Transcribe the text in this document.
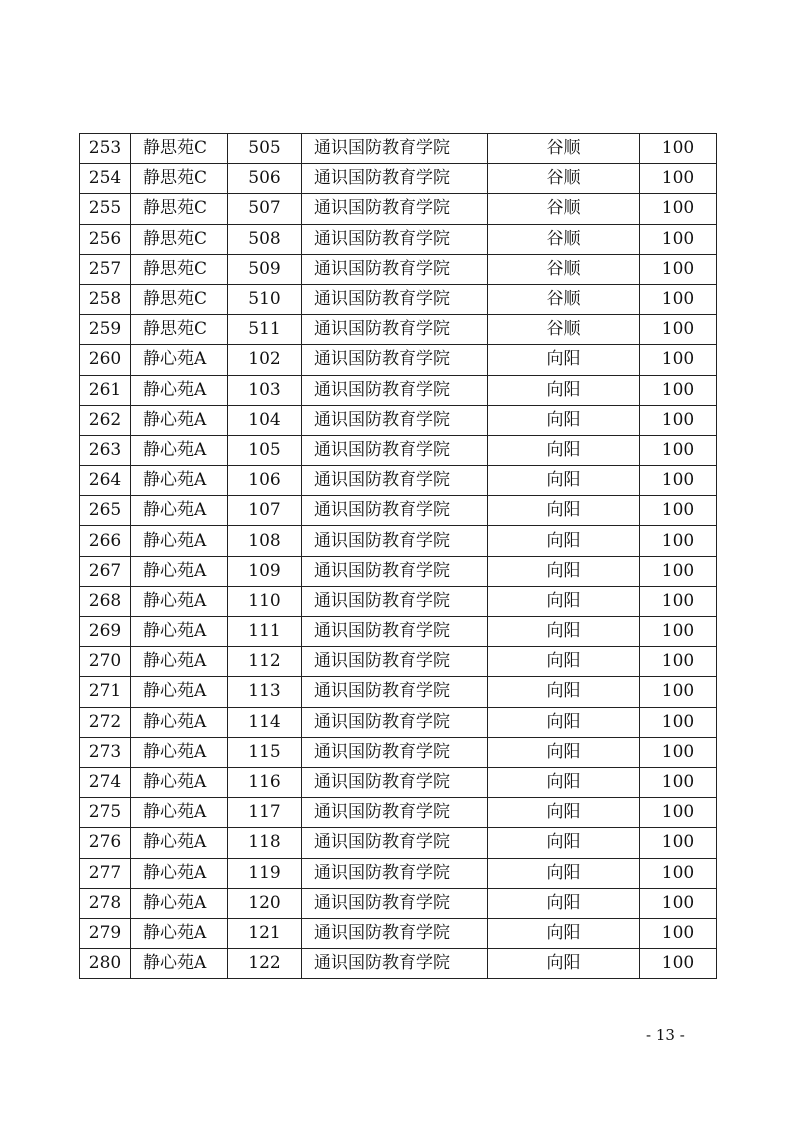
253	静思苑C	505	通识国防教育学院	谷顺	100
254	静思苑C	506	通识国防教育学院	谷顺	100
255	静思苑C	507	通识国防教育学院	谷顺	100
256	静思苑C	508	通识国防教育学院	谷顺	100
257	静思苑C	509	通识国防教育学院	谷顺	100
258	静思苑C	510	通识国防教育学院	谷顺	100
259	静思苑C	511	通识国防教育学院	谷顺	100
260	静心苑A	102	通识国防教育学院	向阳	100
261	静心苑A	103	通识国防教育学院	向阳	100
262	静心苑A	104	通识国防教育学院	向阳	100
263	静心苑A	105	通识国防教育学院	向阳	100
264	静心苑A	106	通识国防教育学院	向阳	100
265	静心苑A	107	通识国防教育学院	向阳	100
266	静心苑A	108	通识国防教育学院	向阳	100
267	静心苑A	109	通识国防教育学院	向阳	100
268	静心苑A	110	通识国防教育学院	向阳	100
269	静心苑A	111	通识国防教育学院	向阳	100
270	静心苑A	112	通识国防教育学院	向阳	100
271	静心苑A	113	通识国防教育学院	向阳	100
272	静心苑A	114	通识国防教育学院	向阳	100
273	静心苑A	115	通识国防教育学院	向阳	100
274	静心苑A	116	通识国防教育学院	向阳	100
275	静心苑A	117	通识国防教育学院	向阳	100
276	静心苑A	118	通识国防教育学院	向阳	100
277	静心苑A	119	通识国防教育学院	向阳	100
278	静心苑A	120	通识国防教育学院	向阳	100
279	静心苑A	121	通识国防教育学院	向阳	100
280	静心苑A	122	通识国防教育学院	向阳	100
- 13 -
